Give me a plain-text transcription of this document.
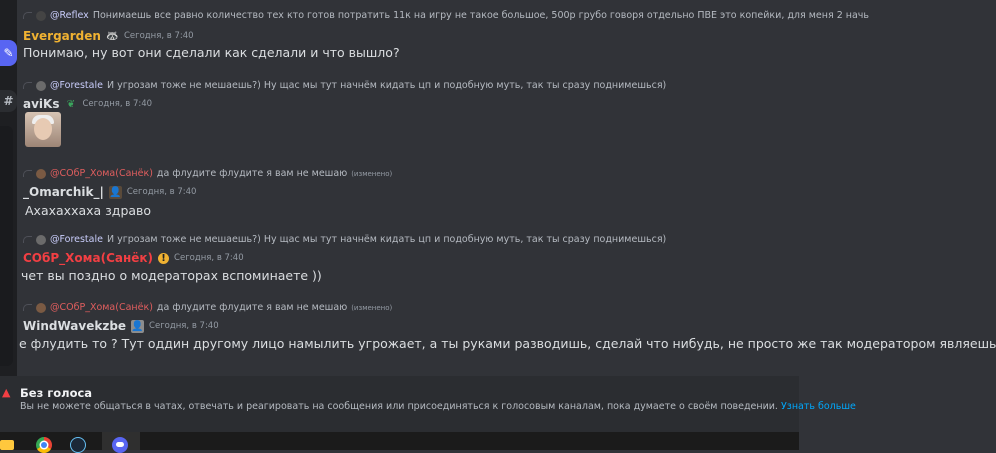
✎
#
@Reflex Понимаешь все равно количество тех кто готов потратить 11к на игру не такое большое, 500р грубо говоря отдельно ПВЕ это копейки, для меня 2 начь
Evergarden 🦝 Сегодня, в 7:40
Понимаю, ну вот они сделали как сделали и что вышло?
@Forestale И угрозам тоже не мешаешь?) Ну щас мы тут начнём кидать цп и подобную муть, так ты сразу поднимешься)
aviKs ❦ Сегодня, в 7:40
@COбР_Хома(Санёк) да флудите флудите я вам не мешаю (изменено)
_Omarchik_| 👤 Сегодня, в 7:40
Ахахаххаха здраво
@Forestale И угрозам тоже не мешаешь?) Ну щас мы тут начнём кидать цп и подобную муть, так ты сразу поднимешься)
COбР_Хома(Санёк) ! Сегодня, в 7:40
чет вы поздно о модераторах вспоминаете ))
@COбР_Хома(Санёк) да флудите флудите я вам не мешаю (изменено)
WindWavekzbe 👤 Сегодня, в 7:40
е флудить то ? Тут оддин другому лицо намылить угрожает, а ты руками разводишь, сделай что нибудь, не просто же так модератором являешь
▲ Без голоса
Вы не можете общаться в чатах, отвечать и реагировать на сообщения или присоединяться к голосовым каналам, пока думаете о своём поведении. Узнать больше
